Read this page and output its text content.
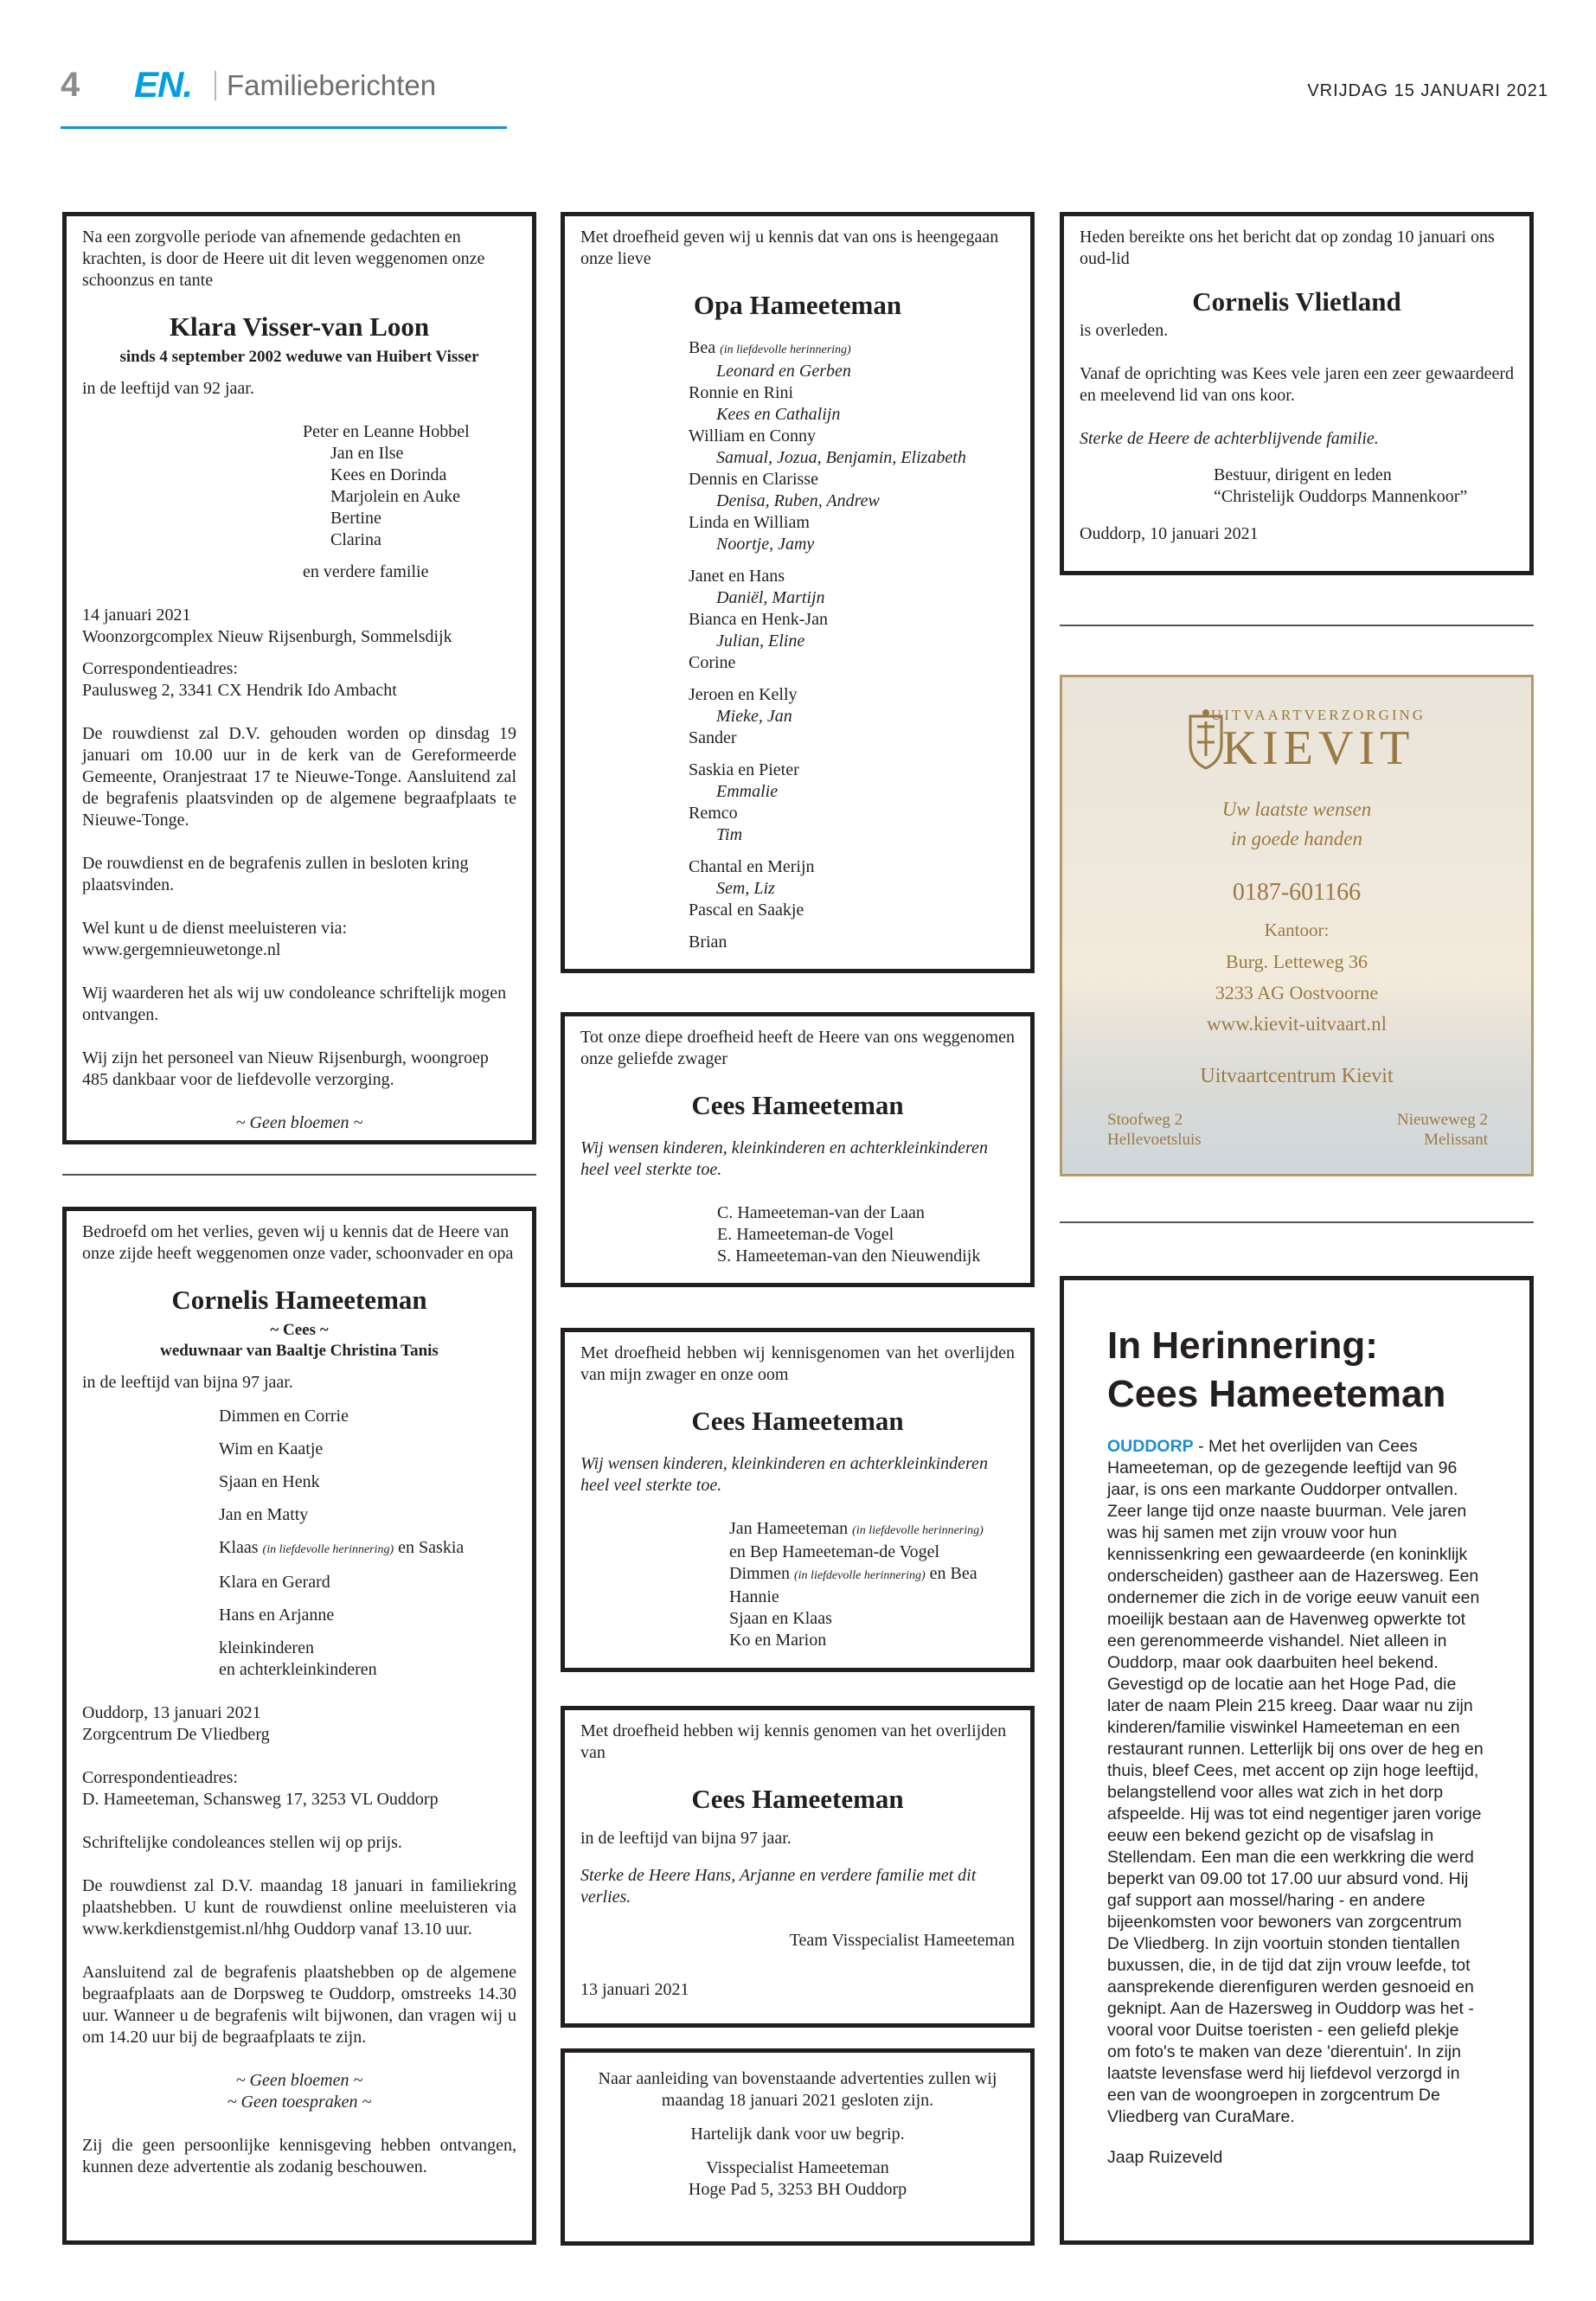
4 EN. Familieberichten	VRIJDAG 15 JANUARI 2021

Na een zorgvolle periode van afnemende gedachten en krachten, is door de Heere uit dit leven weggenomen onze schoonzus en tante

Klara Visser-van Loon
sinds 4 september 2002 weduwe van Huibert Visser

in de leeftijd van 92 jaar.

Peter en Leanne Hobbel
Jan en Ilse
Kees en Dorinda
Marjolein en Auke
Bertine
Clarina
en verdere familie
14 januari 2021
Woonzorgcomplex Nieuw Rijsenburgh, Sommelsdijk
Correspondentieadres:
Paulusweg 2, 3341 CX Hendrik Ido Ambacht

De rouwdienst zal D.V. gehouden worden op dinsdag 19 januari om 10.00 uur in de kerk van de Gereformeerde Gemeente, Oranjestraat 17 te Nieuwe-Tonge. Aansluitend zal de begrafenis plaatsvinden op de algemene begraafplaats te Nieuwe-Tonge.

De rouwdienst en de begrafenis zullen in besloten kring plaatsvinden.

Wel kunt u de dienst meeluisteren via:
www.gergemnieuwetonge.nl

Wij waarderen het als wij uw condoleance schriftelijk mogen ontvangen.

Wij zijn het personeel van Nieuw Rijsenburgh, woongroep 485 dankbaar voor de liefdevolle verzorging.

~ Geen bloemen ~

Bedroefd om het verlies, geven wij u kennis dat de Heere van onze zijde heeft weggenomen onze vader, schoonvader en opa

Cornelis Hameeteman
~ Cees ~
weduwnaar van Baaltje Christina Tanis

in de leeftijd van bijna 97 jaar.

Dimmen en Corrie
Wim en Kaatje
Sjaan en Henk
Jan en Matty
Klaas (in liefdevolle herinnering) en Saskia
Klara en Gerard
Hans en Arjanne
kleinkinderen
en achterkleinkinderen
Ouddorp, 13 januari 2021
Zorgcentrum De Vliedberg

Correspondentieadres:
D. Hameeteman, Schansweg 17, 3253 VL Ouddorp

Schriftelijke condoleances stellen wij op prijs.

De rouwdienst zal D.V. maandag 18 januari in familiekring plaatshebben. U kunt de rouwdienst online meeluisteren via www.kerkdienstgemist.nl/hhg Ouddorp vanaf 13.10 uur.

Aansluitend zal de begrafenis plaatshebben op de algemene begraafplaats aan de Dorpsweg te Ouddorp, omstreeks 14.30 uur. Wanneer u de begrafenis wilt bijwonen, dan vragen wij u om 14.20 uur bij de begraafplaats te zijn.

~ Geen bloemen ~
~ Geen toespraken ~
Zij die geen persoonlijke kennisgeving hebben ontvangen, kunnen deze advertentie als zodanig beschouwen.

Met droefheid geven wij u kennis dat van ons is heengegaan onze lieve

Opa Hameeteman
Bea (in liefdevolle herinnering)
Leonard en Gerben
Ronnie en Rini
Kees en Cathalijn
William en Conny
Samual, Jozua, Benjamin, Elizabeth
Dennis en Clarisse
Denisa, Ruben, Andrew
Linda en William
Noortje, Jamy
Janet en Hans
Daniël, Martijn
Bianca en Henk-Jan
Julian, Eline
Corine
Jeroen en Kelly
Mieke, Jan
Sander
Saskia en Pieter
Emmalie
Remco
Tim
Chantal en Merijn
Sem, Liz
Pascal en Saakje
Brian

Tot onze diepe droefheid heeft de Heere van ons weggenomen onze geliefde zwager

Cees Hameeteman

Wij wensen kinderen, kleinkinderen en achterkleinkinderen heel veel sterkte toe.

C. Hameeteman-van der Laan
E. Hameeteman-de Vogel
S. Hameeteman-van den Nieuwendijk

Met droefheid hebben wij kennisgenomen van het overlijden van mijn zwager en onze oom

Cees Hameeteman

Wij wensen kinderen, kleinkinderen en achterkleinkinderen heel veel sterkte toe.

Jan Hameeteman (in liefdevolle herinnering)
en Bep Hameeteman-de Vogel
Dimmen (in liefdevolle herinnering) en Bea
Hannie
Sjaan en Klaas
Ko en Marion

Met droefheid hebben wij kennis genomen van het overlijden van

Cees Hameeteman

in de leeftijd van bijna 97 jaar.

Sterke de Heere Hans, Arjanne en verdere familie met dit verlies.

Team Visspecialist Hameeteman
13 januari 2021

Naar aanleiding van bovenstaande advertenties zullen wij maandag 18 januari 2021 gesloten zijn.

Hartelijk dank voor uw begrip.

Visspecialist Hameeteman
Hoge Pad 5, 3253 BH Ouddorp

Heden bereikte ons het bericht dat op zondag 10 januari ons oud-lid

Cornelis Vlietland

is overleden.

Vanaf de oprichting was Kees vele jaren een zeer gewaardeerd en meelevend lid van ons koor.

Sterke de Heere de achterblijvende familie.

Bestuur, dirigent en leden
“Christelijk Ouddorps Mannenkoor”
Ouddorp, 10 januari 2021
UITVAARTVERZORGING
KIEVIT
Uw laatste wensen
in goede handen
0187-601166
Kantoor:
Burg. Letteweg 36
3233 AG Oostvoorne
www.kievit-uitvaart.nl
Uitvaartcentrum Kievit
Stoofweg 2
Hellevoetsluis
Nieuweweg 2
Melissant
In Herinnering:
Cees Hameeteman
OUDDORP - Met het overlijden van Cees Hameeteman, op de gezegende leeftijd van 96 jaar, is ons een markante Ouddorper ontvallen. Zeer lange tijd onze naaste buurman. Vele jaren was hij samen met zijn vrouw voor hun kennissenkring een gewaardeerde (en koninklijk onderscheiden) gastheer aan de Hazersweg. Een ondernemer die zich in de vorige eeuw vanuit een moeilijk bestaan aan de Havenweg opwerkte tot een gerenommeerde vishandel. Niet alleen in Ouddorp, maar ook daarbuiten heel bekend. Gevestigd op de locatie aan het Hoge Pad, die later de naam Plein 215 kreeg. Daar waar nu zijn kinderen/familie viswinkel Hameeteman en een restaurant runnen. Letterlijk bij ons over de heg en thuis, bleef Cees, met accent op zijn hoge leeftijd, belangstellend voor alles wat zich in het dorp afspeelde. Hij was tot eind negentiger jaren vorige eeuw een bekend gezicht op de visafslag in Stellendam. Een man die een werkkring die werd beperkt van 09.00 tot 17.00 uur absurd vond. Hij gaf support aan mossel/haring - en andere bijeenkomsten voor bewoners van zorgcentrum De Vliedberg. In zijn voortuin stonden tientallen buxussen, die, in de tijd dat zijn vrouw leefde, tot aansprekende dierenfiguren werden gesnoeid en geknipt. Aan de Hazersweg in Ouddorp was het - vooral voor Duitse toeristen - een geliefd plekje om foto's te maken van deze 'dierentuin'. In zijn laatste levensfase werd hij liefdevol verzorgd in een van de woongroepen in zorgcentrum De Vliedberg van CuraMare.
Jaap Ruizeveld
